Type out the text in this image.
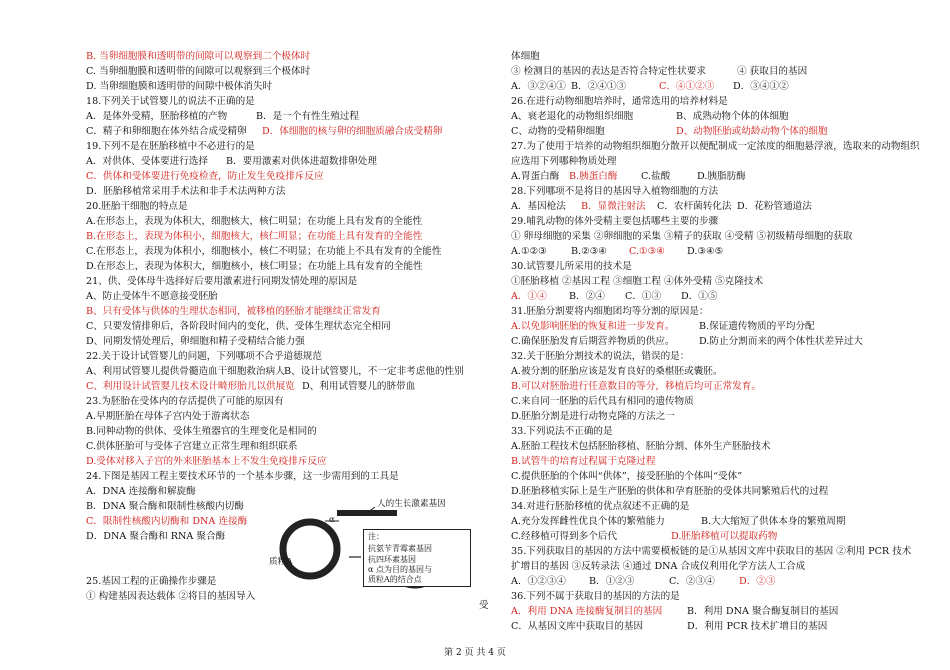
B. 当卵细胞膜和透明带的间隙可以观察到二个极体时
C. 当卵细胞膜和透明带的间隙可以观察到三个极体时
D. 当卵细胞膜和透明带的间隙中极体消失时
18.下列关于试管婴儿的说法不正确的是
A．是体外受精，胚胎移植的产物	B．是一个有性生殖过程
C．精子和卵细胞在体外结合成受精卵 D．体细胞的核与卵的细胞质融合成受精卵
19.下列不是在胚胎移植中不必进行的是
A．对供体、受体要进行选择 B．要用激素对供体进超数排卵处理
C．供体和受体要进行免疫检查，防止发生免疫排斥反应
D．胚胎移植常采用手术法和非手术法两种方法
20.胚胎干细胞的特点是
A.在形态上，表现为体积大，细胞核大，核仁明显；在功能上具有发育的全能性
B.在形态上，表现为体积小，细胞核大，核仁明显；在功能上具有发育的全能性
C.在形态上，表现为体积小，细胞核小，核仁不明显；在功能上不具有发育的全能性
D.在形态上，表现为体积大，细胞核小，核仁明显；在功能上具有发育的全能性
21、供、受体母牛选择好后要用激素进行同期发情处理的原因是
A、防止受体牛不愿意接受胚胎
B、只有受体与供体的生理状态相同，被移植的胚胎才能继续正常发育
C、只要发情排卵后，各阶段时间内的变化，供、受体生理状态完全相同
D、同期发情处理后，卵细胞和精子受精结合能力强
22.关于设计试管婴儿的问题，下列哪项不合乎道德规范
A、利用试管婴儿提供骨髓造血干细胞救治病人 B、设计试管婴儿，不一定非考虑他的性别
C、利用设计试管婴儿技术设计畸形胎儿以供展览 D、利用试管婴儿的脐带血
23.为胚胎在受体内的存活提供了可能的原因有
A.早期胚胎在母体子宫内处于游离状态
B.同种动物的供体、受体生殖器官的生理变化是相同的
C.供体胚胎可与受体子宫建立正常生理和组织联系
D.受体对移入子宫的外来胚胎基本上不发生免疫排斥反应
24.下图是基因工程主要技术环节的一个基本步骤，这一步需用到的工具是
A．DNA 连接酶和解旋酶
B．DNA 聚合酶和限制性核酸内切酶
C．限制性核酸内切酶和 DNA 连接酶
D．DNA 聚合酶和 RNA 聚合酶
25.基因工程的正确操作步骤是
① 构建基因表达载体 ②将目的基因导入
体细胞
③ 检测目的基因的表达是否符合特定性状要求	④ 获取目的基因
A．③②④① B．②④①③	C．④①②③ D．③④①②
26.在进行动物细胞培养时，通常选用的培养材料是
A、衰老退化的动物组织细胞	B、成熟动物个体的体细胞
C、动物的受精卵细胞	D、动物胚胎或幼龄动物个体的细胞
27.为了使用于培养的动物组织细胞分散开以便配制成一定浓度的细胞悬浮液，选取来的动物组织
应选用下列哪种物质处理
A.胃蛋白酶 B.胰蛋白酶 C.盐酸	D.胰脂肪酶
28.下列哪项不是将目的基因导入植物细胞的方法
A．基因枪法 B．显微注射法 C．农杆菌转化法 D．花粉管通道法
29.哺乳动物的体外受精主要包括哪些主要的步骤
① 卵母细胞的采集 ②卵细胞的采集 ③精子的获取 ④受精 ⑤初级精母细胞的获取
A.①②③	B.②③④ C.①③④ D.③④⑤
30.试管婴儿所采用的技术是
①胚胎移植 ②基因工程 ③细胞工程 ④体外受精 ⑤克隆技术
A．①④ B．②④ C．①③ D．①⑤
31.胚胎分割要将内细胞团均等分割的原因是：
A.以免影响胚胎的恢复和进一步发育。	B.保证遗传物质的平均分配
C.确保胚胎发育后期营养物质的供应。	D.防止分割而来的两个体性状差异过大
32.关于胚胎分割技术的说法，错误的是：
A.被分割的胚胎应该是发育良好的桑椹胚或囊胚。
B.可以对胚胎进行任意数目的等分，移植后均可正常发育。
C.来自同一胚胎的后代具有相同的遗传物质
D.胚胎分割是进行动物克隆的方法之一
33.下列说法不正确的是
A.胚胎工程技术包括胚胎移植、胚胎分割、体外生产胚胎技术
B.试管牛的培育过程属于克隆过程
C.提供胚胎的个体叫“供体”，接受胚胎的个体叫“受体”
D.胚胎移植实际上是生产胚胎的供体和孕育胚胎的受体共同繁殖后代的过程
34.对进行胚胎移植的优点叙述不正确的是
A.充分发挥雌性优良个体的繁殖能力	B.大大缩短了供体本身的繁殖周期
C.经移植可得到多个后代	D.胚胎移植可以提取药物
35.下列获取目的基因的方法中需要模板链的是①从基因文库中获取目的基因 ②利用 PCR 技术
扩增目的基因 ③反转录法 ④通过 DNA 合成仪利用化学方法人工合成
A．①②③④ B．①②③	C．②③④	D．②③
36.下列不属于获取目的基因的方法的是
A．利用 DNA 连接酶复制目的基因	B．利用 DNA 聚合酶复制目的基因
C．从基因文库中获取目的基因	D．利用 PCR 技术扩增目的基因
人的生长激素基因
α
质粒A
注：
抗氨苄青霉素基因
抗四环素基因
α 点为目的基因与
质粒A的结合点
受
第 2 页 共 4 页
